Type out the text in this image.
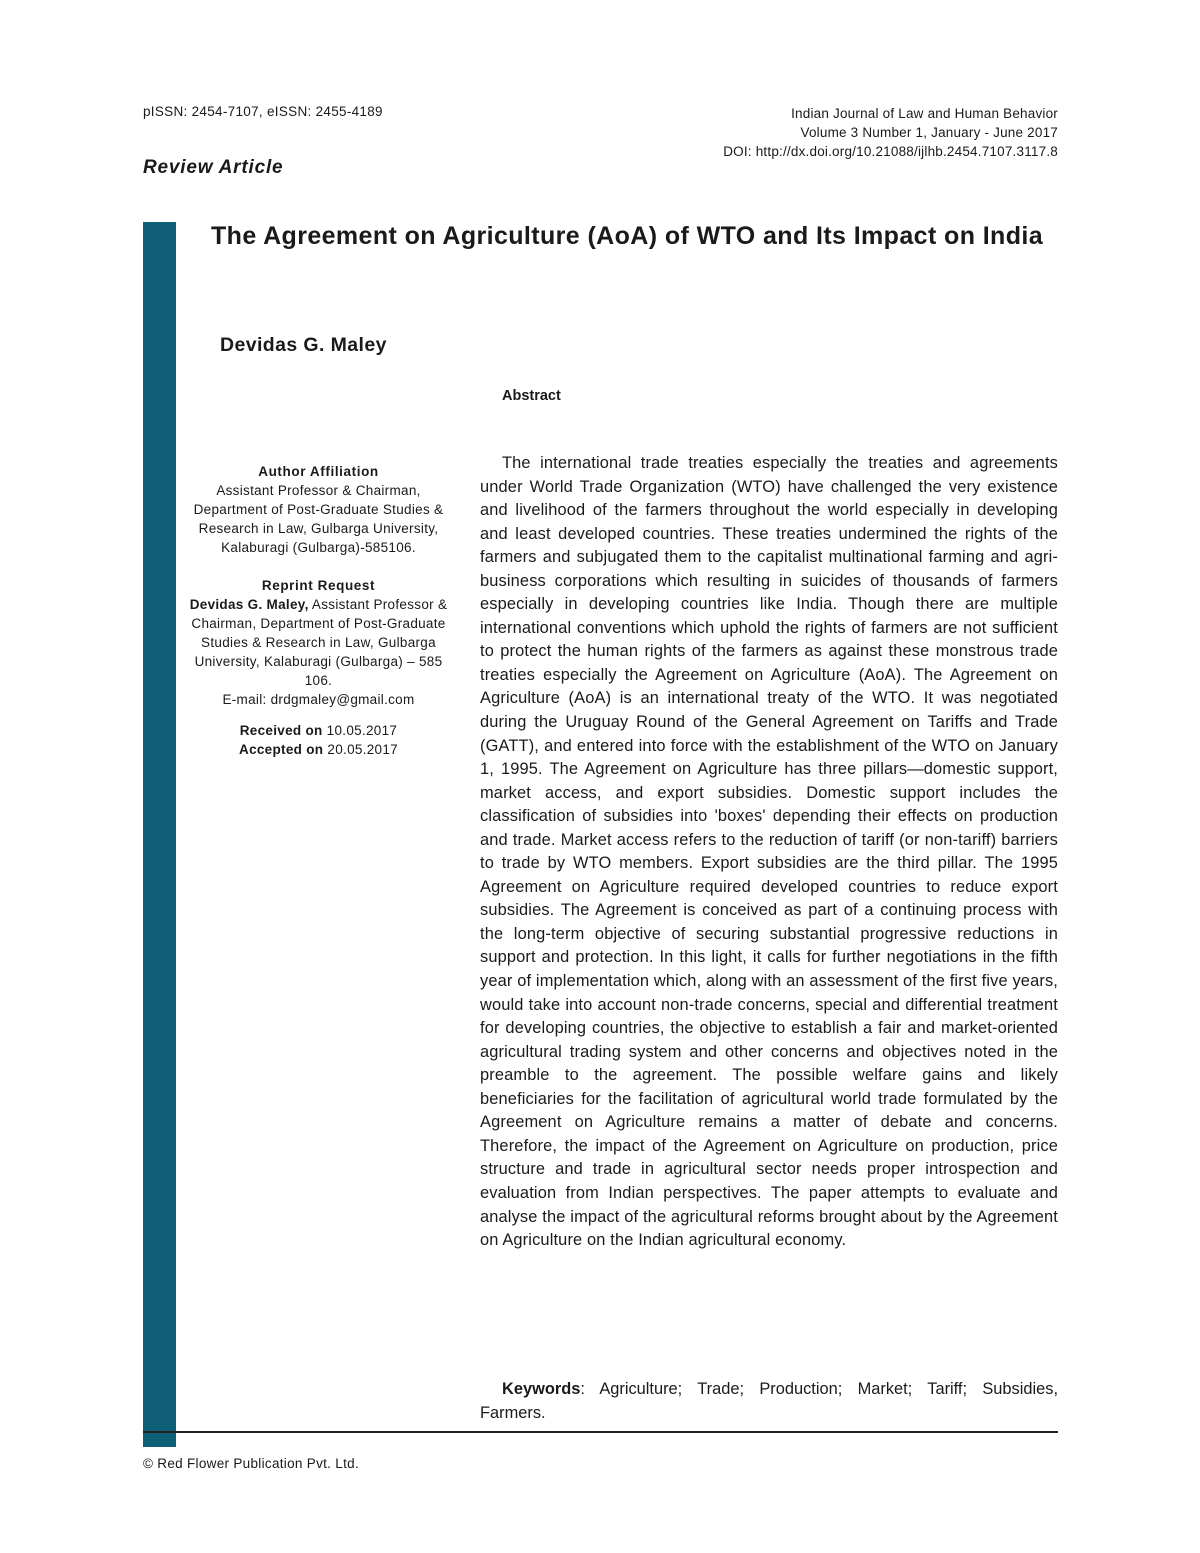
pISSN: 2454-7107, eISSN: 2455-4189	Indian Journal of Law and Human Behavior
Volume 3 Number 1, January - June 2017
DOI: http://dx.doi.org/10.21088/ijlhb.2454.7107.3117.8
Review Article
The Agreement on Agriculture (AoA) of WTO and Its Impact on India
Devidas G. Maley
Abstract

Author Affiliation

Assistant Professor & Chairman, Department of Post-Graduate Studies & Research in Law, Gulbarga University, Kalaburagi (Gulbarga)-585106.

Reprint Request

Devidas G. Maley, Assistant Professor & Chairman, Department of Post-Graduate Studies & Research in Law, Gulbarga University, Kalaburagi (Gulbarga) – 585 106.

E-mail: drdgmaley@gmail.com

Received on 10.05.2017

Accepted on 20.05.2017

The international trade treaties especially the treaties and agreements under World Trade Organization (WTO) have challenged the very existence and livelihood of the farmers throughout the world especially in developing and least developed countries. These treaties undermined the rights of the farmers and subjugated them to the capitalist multinational farming and agri-business corporations which resulting in suicides of thousands of farmers especially in developing countries like India. Though there are multiple international conventions which uphold the rights of farmers are not sufficient to protect the human rights of the farmers as against these monstrous trade treaties especially the Agreement on Agriculture (AoA). The Agreement on Agriculture (AoA) is an international treaty of the WTO. It was negotiated during the Uruguay Round of the General Agreement on Tariffs and Trade (GATT), and entered into force with the establishment of the WTO on January 1, 1995. The Agreement on Agriculture has three pillars—domestic support, market access, and export subsidies. Domestic support includes the classification of subsidies into 'boxes' depending their effects on production and trade. Market access refers to the reduction of tariff (or non-tariff) barriers to trade by WTO members. Export subsidies are the third pillar. The 1995 Agreement on Agriculture required developed countries to reduce export subsidies. The Agreement is conceived as part of a continuing process with the long-term objective of securing substantial progressive reductions in support and protection. In this light, it calls for further negotiations in the fifth year of implementation which, along with an assessment of the first five years, would take into account non-trade concerns, special and differential treatment for developing countries, the objective to establish a fair and market-oriented agricultural trading system and other concerns and objectives noted in the preamble to the agreement. The possible welfare gains and likely beneficiaries for the facilitation of agricultural world trade formulated by the Agreement on Agriculture remains a matter of debate and concerns. Therefore, the impact of the Agreement on Agriculture on production, price structure and trade in agricultural sector needs proper introspection and evaluation from Indian perspectives. The paper attempts to evaluate and analyse the impact of the agricultural reforms brought about by the Agreement on Agriculture on the Indian agricultural economy.

Keywords: Agriculture; Trade; Production; Market; Tariff; Subsidies, Farmers.

© Red Flower Publication Pvt. Ltd.
